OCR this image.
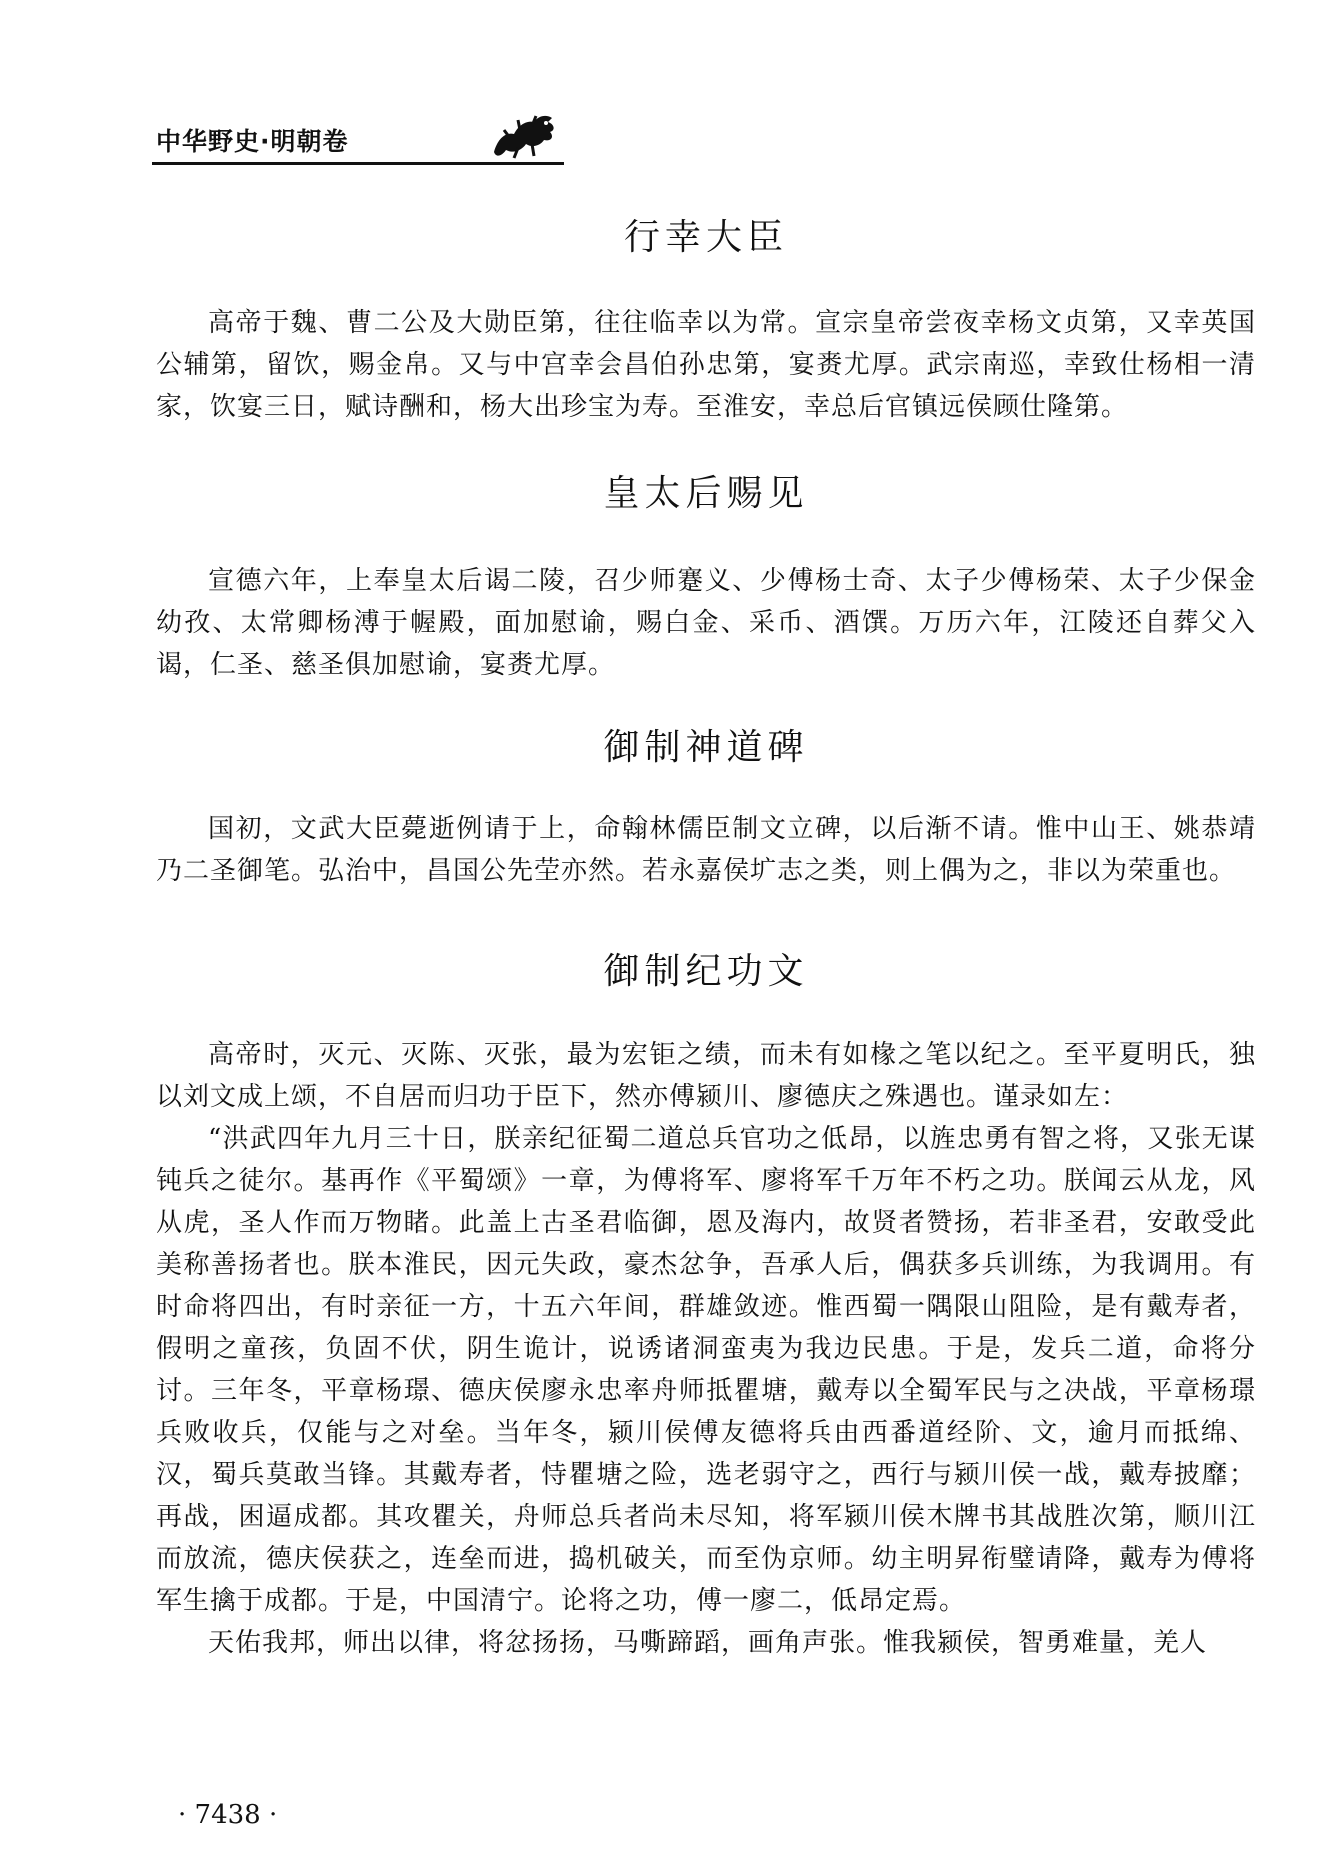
中华野史·明朝卷
行幸大臣

高帝于魏、曹二公及大勋臣第，往往临幸以为常。宣宗皇帝尝夜幸杨文贞第，又幸英国公辅第，留饮，赐金帛。又与中宫幸会昌伯孙忠第，宴赉尤厚。武宗南巡，幸致仕杨相一清家，饮宴三日，赋诗酬和，杨大出珍宝为寿。至淮安，幸总后官镇远侯顾仕隆第。

皇太后赐见

宣德六年，上奉皇太后谒二陵，召少师蹇义、少傅杨士奇、太子少傅杨荣、太子少保金幼孜、太常卿杨溥于幄殿，面加慰谕，赐白金、采币、酒馔。万历六年，江陵还自葬父入谒，仁圣、慈圣俱加慰谕，宴赉尤厚。

御制神道碑

国初，文武大臣薨逝例请于上，命翰林儒臣制文立碑，以后渐不请。惟中山王、姚恭靖乃二圣御笔。弘治中，昌国公先茔亦然。若永嘉侯圹志之类，则上偶为之，非以为荣重也。

御制纪功文

高帝时，灭元、灭陈、灭张，最为宏钜之绩，而未有如椽之笔以纪之。至平夏明氏，独以刘文成上颂，不自居而归功于臣下，然亦傅颍川、廖德庆之殊遇也。谨录如左：

“洪武四年九月三十日，朕亲纪征蜀二道总兵官功之低昂，以旌忠勇有智之将，又张无谋钝兵之徒尔。基再作《平蜀颂》一章，为傅将军、廖将军千万年不朽之功。朕闻云从龙，风从虎，圣人作而万物睹。此盖上古圣君临御，恩及海内，故贤者赞扬，若非圣君，安敢受此美称善扬者也。朕本淮民，因元失政，豪杰忿争，吾承人后，偶获多兵训练，为我调用。有时命将四出，有时亲征一方，十五六年间，群雄敛迹。惟西蜀一隅限山阻险，是有戴寿者，假明之童孩，负固不伏，阴生诡计，说诱诸洞蛮夷为我边民患。于是，发兵二道，命将分讨。三年冬，平章杨璟、德庆侯廖永忠率舟师抵瞿塘，戴寿以全蜀军民与之决战，平章杨璟兵败收兵，仅能与之对垒。当年冬，颍川侯傅友德将兵由西番道经阶、文，逾月而抵绵、汉，蜀兵莫敢当锋。其戴寿者，恃瞿塘之险，选老弱守之，西行与颍川侯一战，戴寿披靡；再战，困逼成都。其攻瞿关，舟师总兵者尚未尽知，将军颍川侯木牌书其战胜次第，顺川江而放流，德庆侯获之，连垒而进，捣机破关，而至伪京师。幼主明昇衔璧请降，戴寿为傅将军生擒于成都。于是，中国清宁。论将之功，傅一廖二，低昂定焉。

天佑我邦，师出以律，将忿扬扬，马嘶蹄蹈，画角声张。惟我颍侯，智勇难量，羌人

· 7438 ·
